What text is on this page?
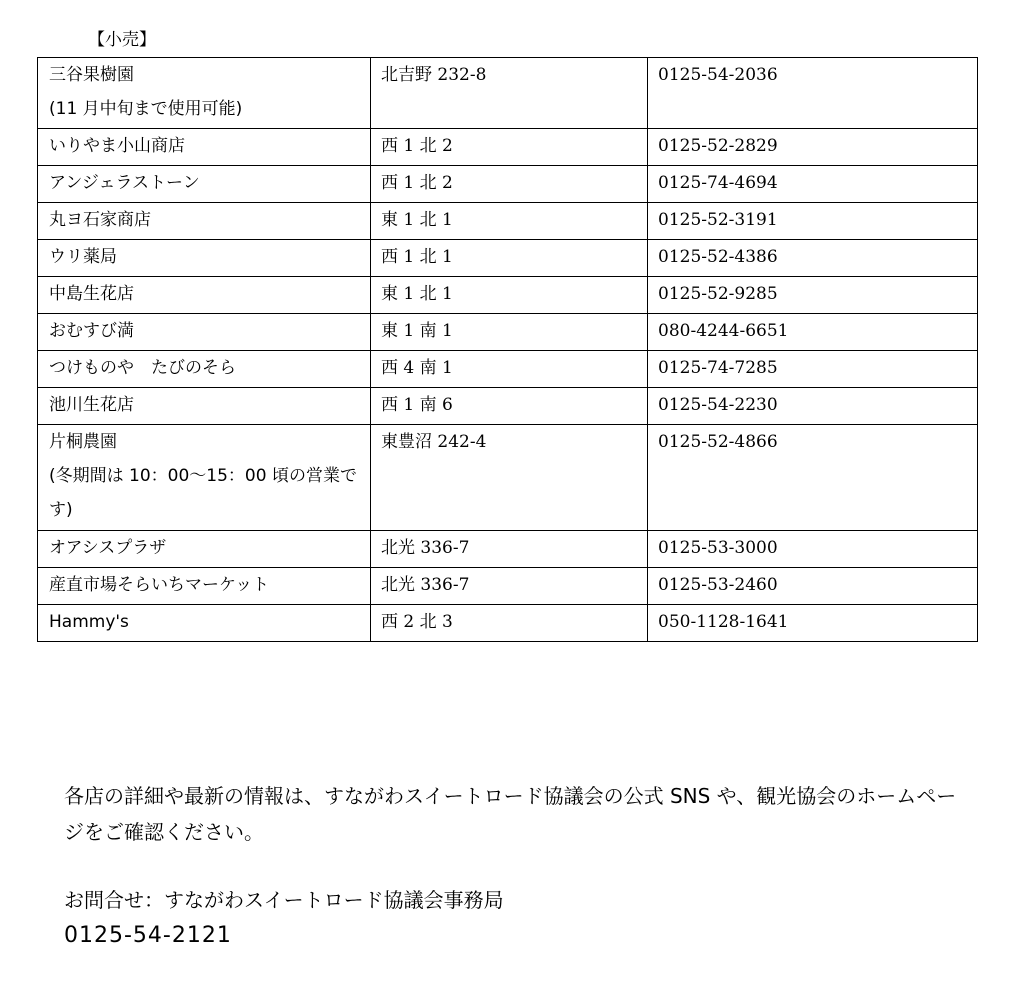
【小売】
三谷果樹園
(11 月中旬まで使用可能)	北吉野 232-8	0125-54-2036

いりやま小山商店	西 1 北 2	0125-52-2829

アンジェラストーン	西 1 北 2	0125-74-4694

丸ヨ石家商店	東 1 北 1	0125-52-3191

ウリ薬局	西 1 北 1	0125-52-4386

中島生花店	東 1 北 1	0125-52-9285

おむすび満	東 1 南 1	080-4244-6651

つけものや　たびのそら	西 4 南 1	0125-74-7285

池川生花店	西 1 南 6	0125-54-2230

片桐農園
(冬期間は 10：00～15：00 頃の営業です)	東豊沼 242-4	0125-52-4866

オアシスプラザ	北光 336-7	0125-53-3000

産直市場そらいちマーケット	北光 336-7	0125-53-2460

Hammy's	西 2 北 3	050-1128-1641

各店の詳細や最新の情報は、すながわスイートロード協議会の公式 SNS や、観光協会のホームページをご確認ください。

お問合せ：すながわスイートロード協議会事務局

0125-54-2121
